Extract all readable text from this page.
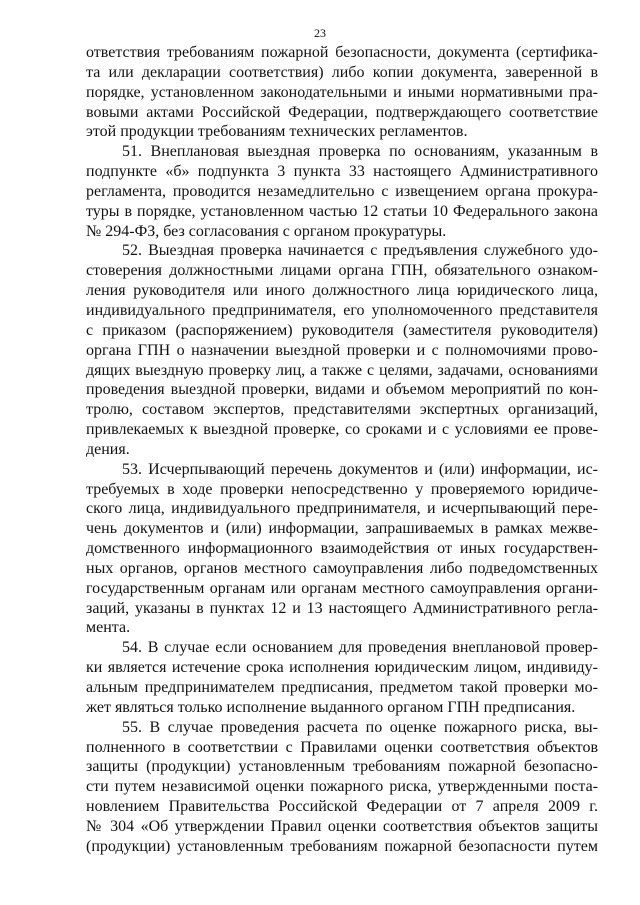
23
ответствия требованиям пожарной безопасности, документа (сертифика-
та или декларации соответствия) либо копии документа, заверенной в
порядке, установленном законодательными и иными нормативными пра-
вовыми актами Российской Федерации, подтверждающего соответствие
этой продукции требованиям технических регламентов.
51. Внеплановая выездная проверка по основаниям, указанным в
подпункте «б» подпункта 3 пункта 33 настоящего Административного
регламента, проводится незамедлительно с извещением органа прокура-
туры в порядке, установленном частью 12 статьи 10 Федерального закона
№ 294-ФЗ, без согласования с органом прокуратуры.
52. Выездная проверка начинается с предъявления служебного удо-
стоверения должностными лицами органа ГПН, обязательного ознаком-
ления руководителя или иного должностного лица юридического лица,
индивидуального предпринимателя, его уполномоченного представителя
с приказом (распоряжением) руководителя (заместителя руководителя)
органа ГПН о назначении выездной проверки и с полномочиями прово-
дящих выездную проверку лиц, а также с целями, задачами, основаниями
проведения выездной проверки, видами и объемом мероприятий по кон-
тролю, составом экспертов, представителями экспертных организаций,
привлекаемых к выездной проверке, со сроками и с условиями ее прове-
дения.
53. Исчерпывающий перечень документов и (или) информации, ис-
требуемых в ходе проверки непосредственно у проверяемого юридиче-
ского лица, индивидуального предпринимателя, и исчерпывающий пере-
чень документов и (или) информации, запрашиваемых в рамках межве-
домственного информационного взаимодействия от иных государствен-
ных органов, органов местного самоуправления либо подведомственных
государственным органам или органам местного самоуправления органи-
заций, указаны в пунктах 12 и 13 настоящего Административного регла-
мента.
54. В случае если основанием для проведения внеплановой провер-
ки является истечение срока исполнения юридическим лицом, индивиду-
альным предпринимателем предписания, предметом такой проверки мо-
жет являться только исполнение выданного органом ГПН предписания.
55. В случае проведения расчета по оценке пожарного риска, вы-
полненного в соответствии с Правилами оценки соответствия объектов
защиты (продукции) установленным требованиям пожарной безопасно-
сти путем независимой оценки пожарного риска, утвержденными поста-
новлением Правительства Российской Федерации от 7 апреля 2009 г.
№ 304 «Об утверждении Правил оценки соответствия объектов защиты
(продукции) установленным требованиям пожарной безопасности путем
